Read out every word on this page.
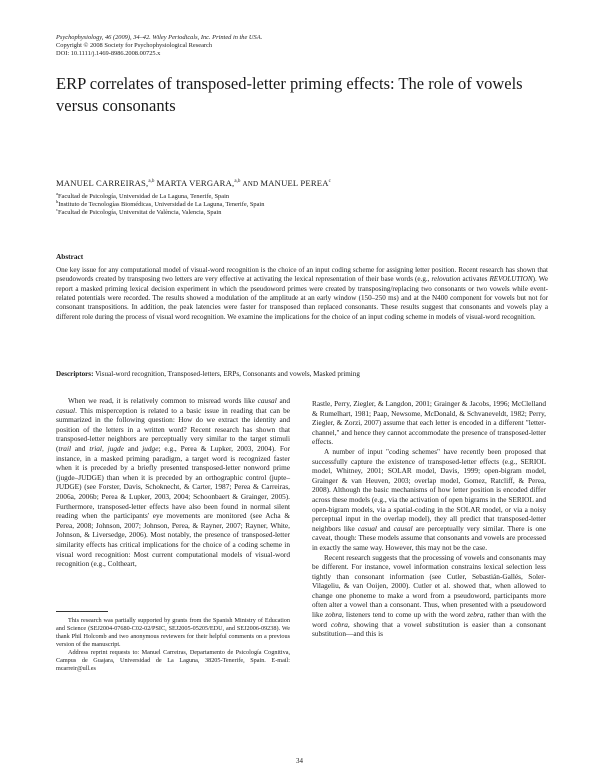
Psychophysiology, 46 (2009), 34–42. Wiley Periodicals, Inc. Printed in the USA.
Copyright © 2008 Society for Psychophysiological Research
DOI: 10.1111/j.1469-8986.2008.00725.x
ERP correlates of transposed-letter priming effects: The role of vowels versus consonants
MANUEL CARREIRAS,$^{a,b}$ MARTA VERGARA,$^{a,b}$ AND MANUEL PEREA$^c$
$^a$Facultad de Psicología, Universidad de La Laguna, Tenerife, Spain
$^b$Instituto de Tecnologías Biomédicas, Universidad de La Laguna, Tenerife, Spain
$^c$Facultad de Psicología, Universitat de València, Valencia, Spain
Abstract
One key issue for any computational model of visual-word recognition is the choice of an input coding scheme for assigning letter position. Recent research has shown that pseudowords created by transposing two letters are very effective at activating the lexical representation of their base words (e.g., relovution activates REVOLUTION). We report a masked priming lexical decision experiment in which the pseudoword primes were created by transposing/replacing two consonants or two vowels while event-related potentials were recorded. The results showed a modulation of the amplitude at an early window (150–250 ms) and at the N400 component for vowels but not for consonant transpositions. In addition, the peak latencies were faster for transposed than replaced consonants. These results suggest that consonants and vowels play a different role during the process of visual word recognition. We examine the implications for the choice of an input coding scheme in models of visual-word recognition.
Descriptors: Visual-word recognition, Transposed-letters, ERPs, Consonants and vowels, Masked priming

When we read, it is relatively common to misread words like causal and casual. This misperception is related to a basic issue in reading that can be summarized in the following question: How do we extract the identity and position of the letters in a written word? Recent research has shown that transposed-letter neighbors are perceptually very similar to the target stimuli (trail and trial, jugde and judge; e.g., Perea & Lupker, 2003, 2004). For instance, in a masked priming paradigm, a target word is recognized faster when it is preceded by a briefly presented transposed-letter nonword prime (jugde–JUDGE) than when it is preceded by an orthographic control (jupte–JUDGE) (see Forster, Davis, Schoknecht, & Carter, 1987; Perea & Carreiras, 2006a, 2006b; Perea & Lupker, 2003, 2004; Schoonbaert & Grainger, 2005). Furthermore, transposed-letter effects have also been found in normal silent reading when the participants' eye movements are monitored (see Acha & Perea, 2008; Johnson, 2007; Johnson, Perea, & Rayner, 2007; Rayner, White, Johnson, & Liversedge, 2006). Most notably, the presence of transposed-letter similarity effects has critical implications for the choice of a coding scheme in visual word recognition: Most current computational models of visual-word recognition (e.g., Coltheart,

This research was partially supported by grants from the Spanish Ministry of Education and Science (SEJ2004-07680-C02-02/PSIC, SEJ2005-05205/EDU, and SEJ2006-09238). We thank Phil Holcomb and two anonymous reviewers for their helpful comments on a previous version of the manuscript.

Address reprint requests to: Manuel Carreiras, Departamento de Psicología Cognitiva, Campus de Guajara, Universidad de La Laguna, 38205-Tenerife, Spain. E-mail: mcarreir@ull.es

Rastle, Perry, Ziegler, & Langdon, 2001; Grainger & Jacobs, 1996; McClelland & Rumelhart, 1981; Paap, Newsome, McDonald, & Schvaneveldt, 1982; Perry, Ziegler, & Zorzi, 2007) assume that each letter is encoded in a different "letter-channel," and hence they cannot accommodate the presence of transposed-letter effects.

A number of input "coding schemes" have recently been proposed that successfully capture the existence of transposed-letter effects (e.g., SERIOL model, Whitney, 2001; SOLAR model, Davis, 1999; open-bigram model, Grainger & van Heuven, 2003; overlap model, Gomez, Ratcliff, & Perea, 2008). Although the basic mechanisms of how letter position is encoded differ across these models (e.g., via the activation of open bigrams in the SERIOL and open-bigram models, via a spatial-coding in the SOLAR model, or via a noisy perceptual input in the overlap model), they all predict that transposed-letter neighbors like casual and causal are perceptually very similar. There is one caveat, though: These models assume that consonants and vowels are processed in exactly the same way. However, this may not be the case.

Recent research suggests that the processing of vowels and consonants may be different. For instance, vowel information constrains lexical selection less tightly than consonant information (see Cutler, Sebastián-Gallés, Soler-Vilageliu, & van Ooijen, 2000). Cutler et al. showed that, when allowed to change one phoneme to make a word from a pseudoword, participants more often alter a vowel than a consonant. Thus, when presented with a pseudoword like zobra, listeners tend to come up with the word zebra, rather than with the word cobra, showing that a vowel substitution is easier than a consonant substitution—and this is

34
